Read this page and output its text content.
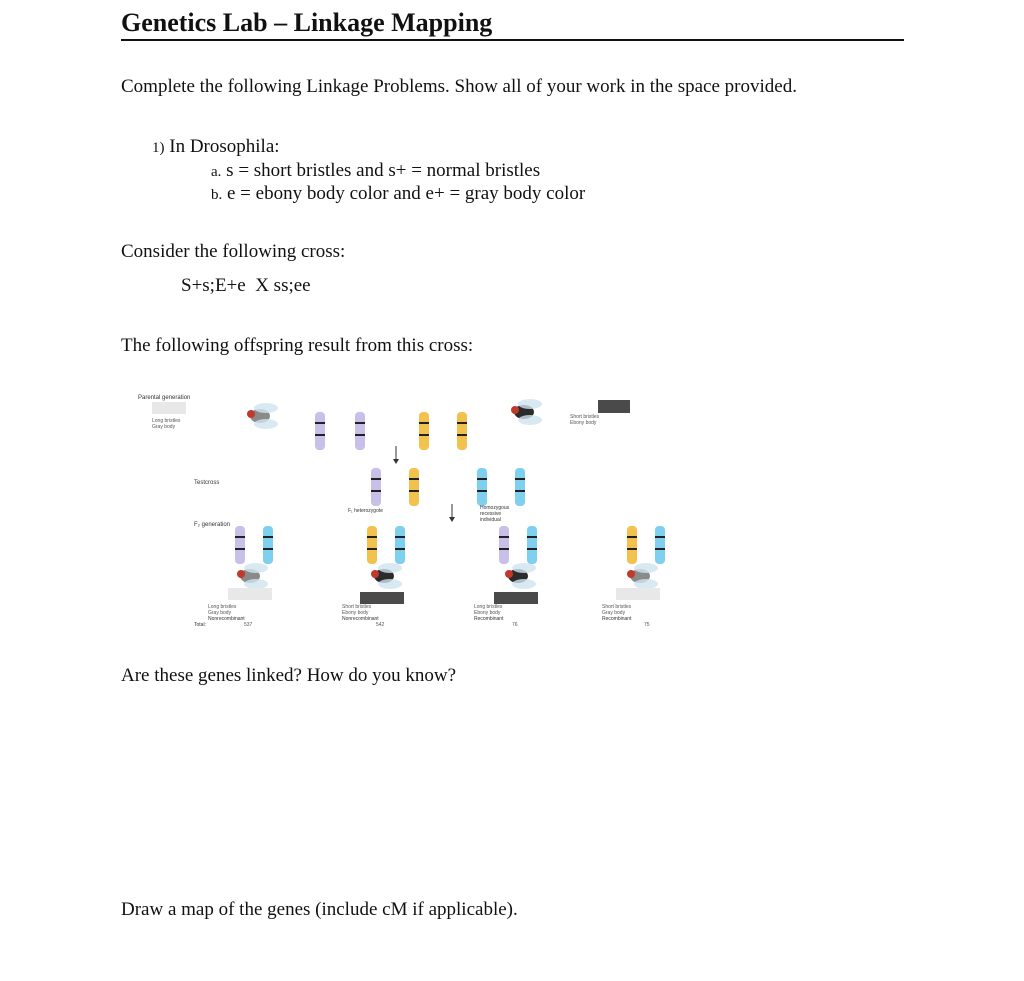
Genetics Lab – Linkage Mapping
Complete the following Linkage Problems. Show all of your work in the space provided.
1) In Drosophila:
a. s = short bristles and s+ = normal bristles
b. e = ebony body color and e+ = gray body color
Consider the following cross:
S+s;E+e  X ss;ee
The following offspring result from this cross:
Parental generation
Long bristles
Gray body
Short bristles
Ebony body
Testcross
F₁ heterozygote	Homozygous
recessive
individual
F₂ generation
Long bristles
Gray body
Nonrecombinant
Short bristles
Ebony body
Nonrecombinant
Long bristles
Ebony body
Recombinant
Short bristles
Gray body
Recombinant
Total:	537	542	76	75
Are these genes linked? How do you know?
Draw a map of the genes (include cM if applicable).
